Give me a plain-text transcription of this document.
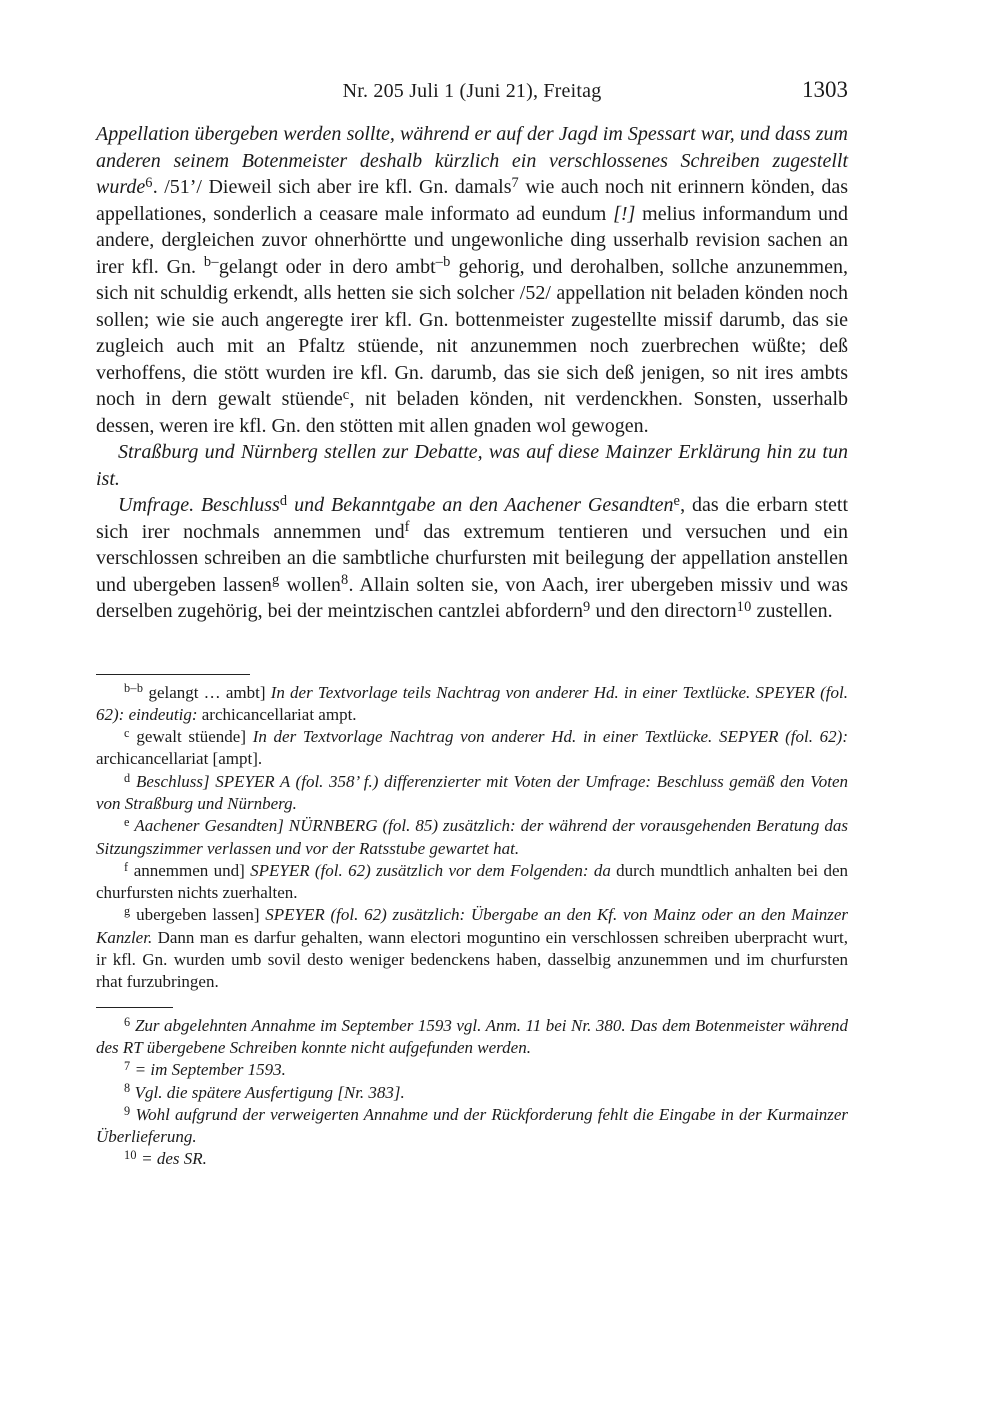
Nr. 205 Juli 1 (Juni 21), Freitag	1303

Appellation übergeben werden sollte, während er auf der Jagd im Spessart war, und dass zum anderen seinem Botenmeister deshalb kürzlich ein verschlossenes Schreiben zugestellt wurde$^6$. /51’/ Dieweil sich aber ire kfl. Gn. damals$^7$ wie auch noch nit erinnern könden, das appellationes, sonderlich a ceasare male informato ad eundum [!] melius informandum und andere, dergleichen zuvor ohnerhörtte und ungewonliche ding usserhalb revision sachen an irer kfl. Gn. $^{b-}$gelangt oder in dero ambt$^{-b}$ gehorig, und derohalben, sollche anzunemmen, sich nit schuldig erkendt, alls hetten sie sich solcher /52/ appellation nit beladen könden noch sollen; wie sie auch angeregte irer kfl. Gn. bottenmeister zugestellte missif darumb, das sie zugleich auch mit an Pfaltz stüende, nit anzunemmen noch zuerbrechen wüßte; deß verhoffens, die stött wurden ire kfl. Gn. darumb, das sie sich deß jenigen, so nit ires ambts noch in dern gewalt stüende$^c$, nit beladen könden, nit verdenckhen. Sonsten, usserhalb dessen, weren ire kfl. Gn. den stötten mit allen gnaden wol gewogen.

Straßburg und Nürnberg stellen zur Debatte, was auf diese Mainzer Erklärung hin zu tun ist.

Umfrage. Beschluss$^d$ und Bekanntgabe an den Aachener Gesandten$^e$, das die erbarn stett sich irer nochmals annemmen und$^f$ das extremum tentieren und versuchen und ein verschlossen schreiben an die sambtliche churfursten mit beilegung der appellation anstellen und ubergeben lassen$^g$ wollen$^8$. Allain solten sie, von Aach, irer ubergeben missiv und was derselben zugehörig, bei der meintzischen cantzlei abfordern$^9$ und den directorn$^{10}$ zustellen.

$^{b-b}$ gelangt … ambt] In der Textvorlage teils Nachtrag von anderer Hd. in einer Textlücke. SPEYER (fol. 62): eindeutig: archicancellariat ampt.

$^c$ gewalt stüende] In der Textvorlage Nachtrag von anderer Hd. in einer Textlücke. SEPYER (fol. 62): archicancellariat [ampt].

$^d$ Beschluss] SPEYER A (fol. 358’ f.) differenzierter mit Voten der Umfrage: Beschluss gemäß den Voten von Straßburg und Nürnberg.

$^e$ Aachener Gesandten] NÜRNBERG (fol. 85) zusätzlich: der während der vorausgehenden Beratung das Sitzungszimmer verlassen und vor der Ratsstube gewartet hat.

$^f$ annemmen und] SPEYER (fol. 62) zusätzlich vor dem Folgenden: da durch mundtlich anhalten bei den churfursten nichts zuerhalten.

$^g$ ubergeben lassen] SPEYER (fol. 62) zusätzlich: Übergabe an den Kf. von Mainz oder an den Mainzer Kanzler. Dann man es darfur gehalten, wann electori moguntino ein verschlossen schreiben uberpracht wurt, ir kfl. Gn. wurden umb sovil desto weniger bedenckens haben, dasselbig anzunemmen und im churfursten rhat furzubringen.

$^6$ Zur abgelehnten Annahme im September 1593 vgl. Anm. 11 bei Nr. 380. Das dem Botenmeister während des RT übergebene Schreiben konnte nicht aufgefunden werden.

$^7$ = im September 1593.

$^8$ Vgl. die spätere Ausfertigung [Nr. 383].

$^9$ Wohl aufgrund der verweigerten Annahme und der Rückforderung fehlt die Eingabe in der Kurmainzer Überlieferung.

$^{10}$ = des SR.
